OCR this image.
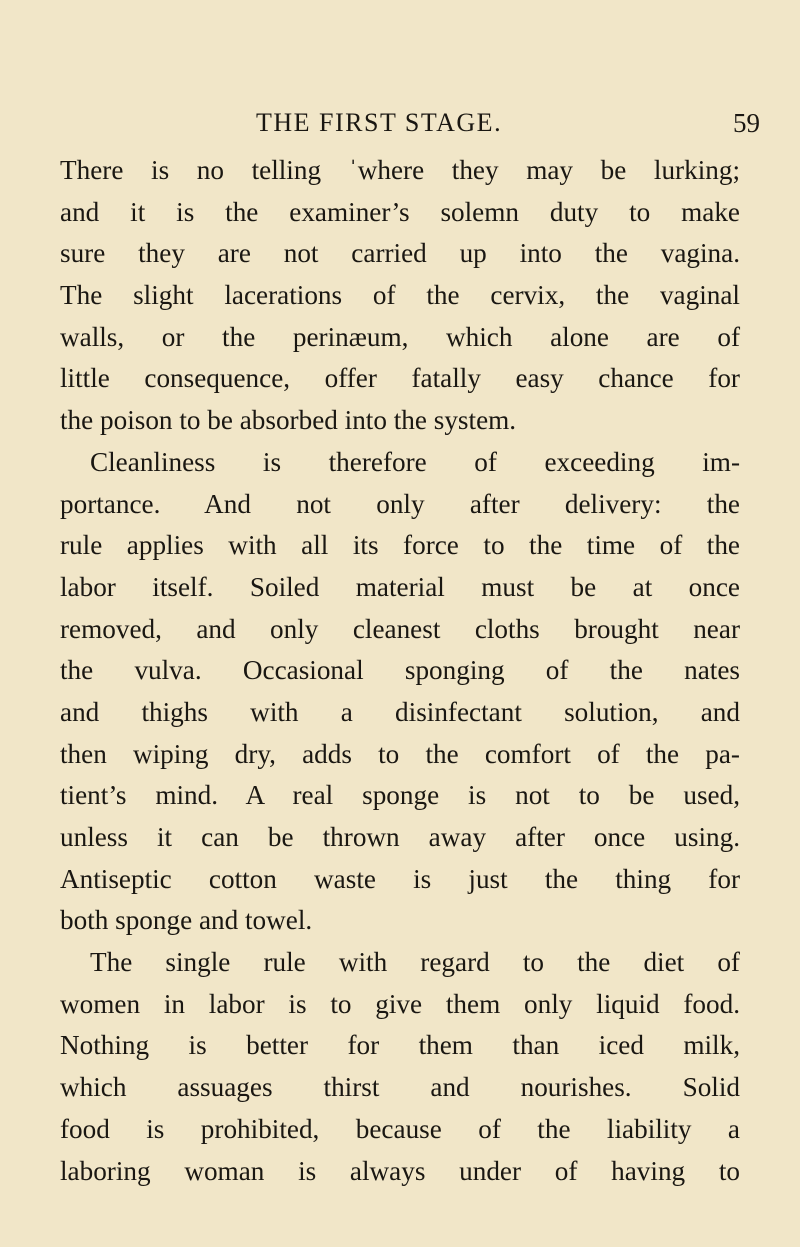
THE FIRST STAGE.	59
There is no telling ˈwhere they may be lurking;
and it is the examiner’s solemn duty to make
sure they are not carried up into the vagina.
The slight lacerations of the cervix, the vaginal
walls, or the perinæum, which alone are of
little consequence, offer fatally easy chance for
the poison to be absorbed into the system.
Cleanliness is therefore of exceeding im-
portance. And not only after delivery: the
rule applies with all its force to the time of the
labor itself. Soiled material must be at once
removed, and only cleanest cloths brought near
the vulva. Occasional sponging of the nates
and thighs with a disinfectant solution, and
then wiping dry, adds to the comfort of the pa-
tient’s mind. A real sponge is not to be used,
unless it can be thrown away after once using.
Antiseptic cotton waste is just the thing for
both sponge and towel.
The single rule with regard to the diet of
women in labor is to give them only liquid food.
Nothing is better for them than iced milk,
which assuages thirst and nourishes. Solid
food is prohibited, because of the liability a
laboring woman is always under of having to
